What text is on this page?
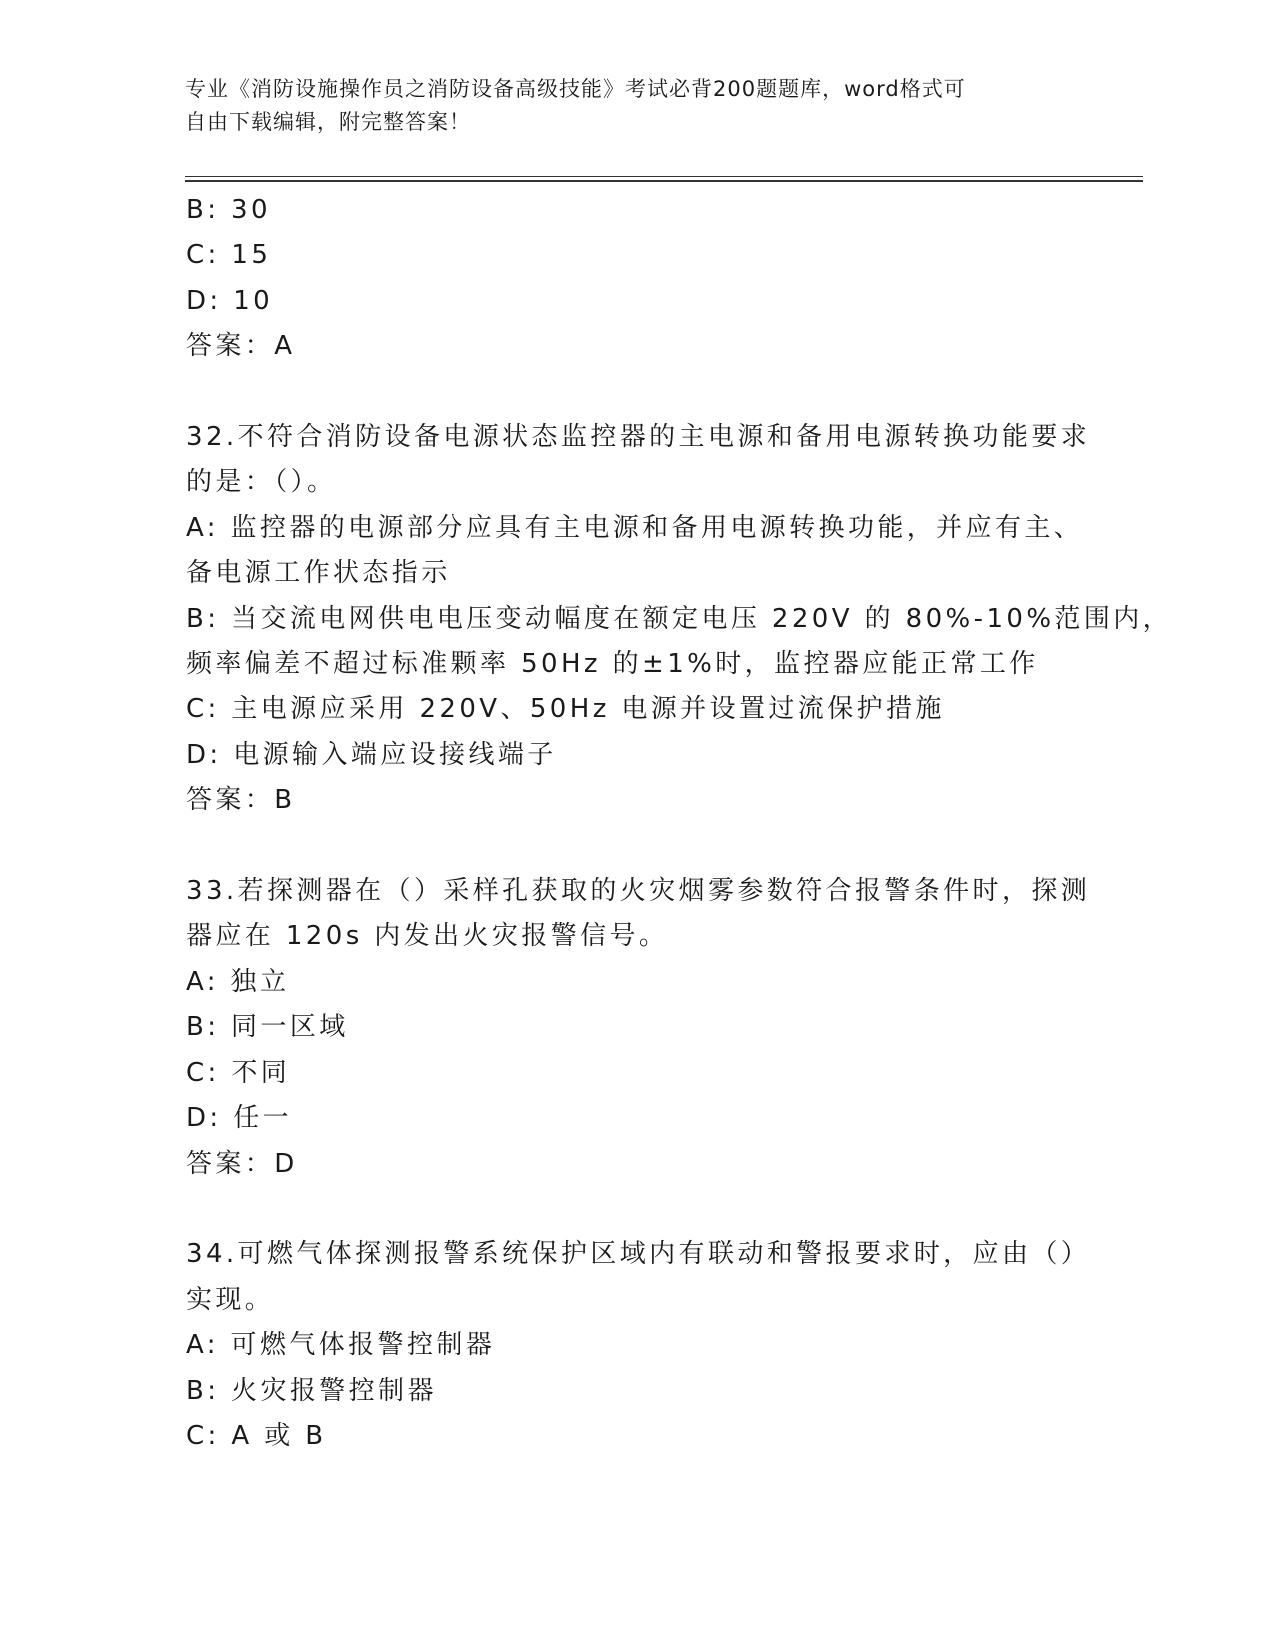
专业《消防设施操作员之消防设备高级技能》考试必背200题题库，word格式可
自由下载编辑，附完整答案！
B: 30
C: 15
D: 10
答案：A
32.不符合消防设备电源状态监控器的主电源和备用电源转换功能要求
的是：（）。
A: 监控器的电源部分应具有主电源和备用电源转换功能，并应有主、
备电源工作状态指示
B: 当交流电网供电电压变动幅度在额定电压 220V 的 80%-10%范围内，
频率偏差不超过标准颗率 50Hz 的±1%时，监控器应能正常工作
C: 主电源应采用 220V、50Hz 电源并设置过流保护措施
D: 电源输入端应设接线端子
答案：B
33.若探测器在（）采样孔获取的火灾烟雾参数符合报警条件时，探测
器应在 120s 内发出火灾报警信号。
A: 独立
B: 同一区域
C: 不同
D: 任一
答案：D
34.可燃气体探测报警系统保护区域内有联动和警报要求时，应由（）
实现。
A: 可燃气体报警控制器
B: 火灾报警控制器
C: A 或 B
